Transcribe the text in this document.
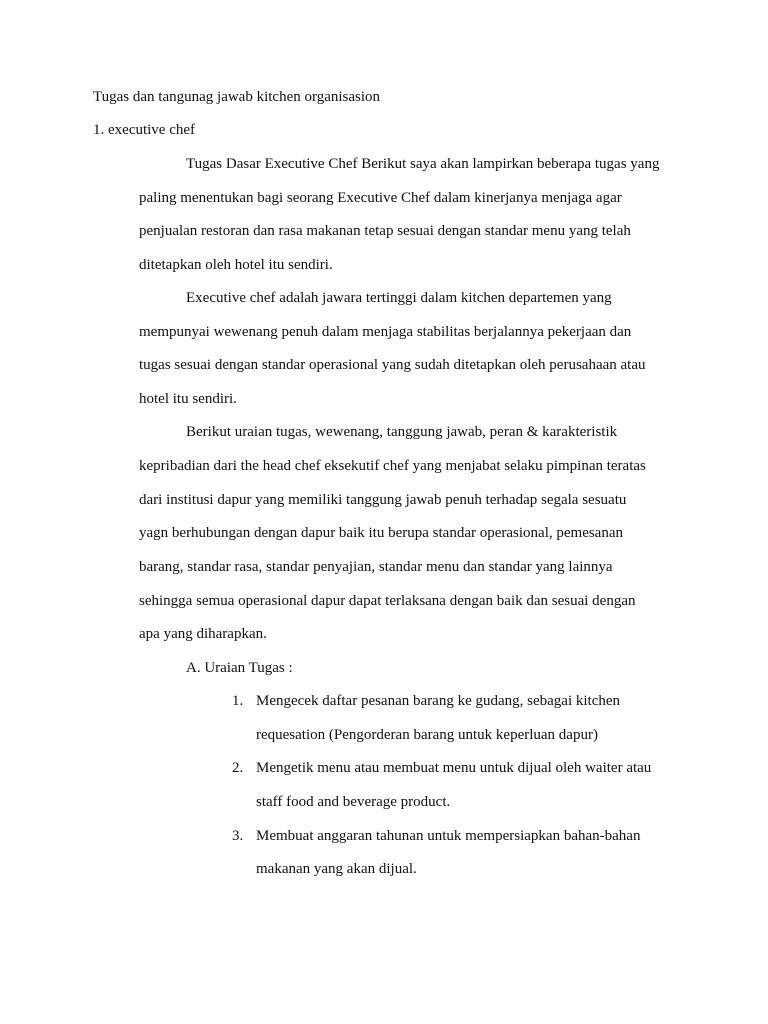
Tugas dan tangunag jawab kitchen organisasion
1. executive chef
Tugas Dasar Executive Chef Berikut saya akan lampirkan beberapa tugas yang
paling menentukan bagi seorang Executive Chef dalam kinerjanya menjaga agar
penjualan restoran dan rasa makanan tetap sesuai dengan standar menu yang telah
ditetapkan oleh hotel itu sendiri.
Executive chef adalah jawara tertinggi dalam kitchen departemen yang
mempunyai wewenang penuh dalam menjaga stabilitas berjalannya pekerjaan dan
tugas sesuai dengan standar operasional yang sudah ditetapkan oleh perusahaan atau
hotel itu sendiri.
Berikut uraian tugas, wewenang, tanggung jawab, peran & karakteristik
kepribadian dari the head chef eksekutif chef yang menjabat selaku pimpinan teratas
dari institusi dapur yang memiliki tanggung jawab penuh terhadap segala sesuatu
yagn berhubungan dengan dapur baik itu berupa standar operasional, pemesanan
barang, standar rasa, standar penyajian, standar menu dan standar yang lainnya
sehingga semua operasional dapur dapat terlaksana dengan baik dan sesuai dengan
apa yang diharapkan.
A. Uraian Tugas :
1. Mengecek daftar pesanan barang ke gudang, sebagai kitchen
requesation (Pengorderan barang untuk keperluan dapur)
2. Mengetik menu atau membuat menu untuk dijual oleh waiter atau
staff food and beverage product.
3. Membuat anggaran tahunan untuk mempersiapkan bahan-bahan
makanan yang akan dijual.
